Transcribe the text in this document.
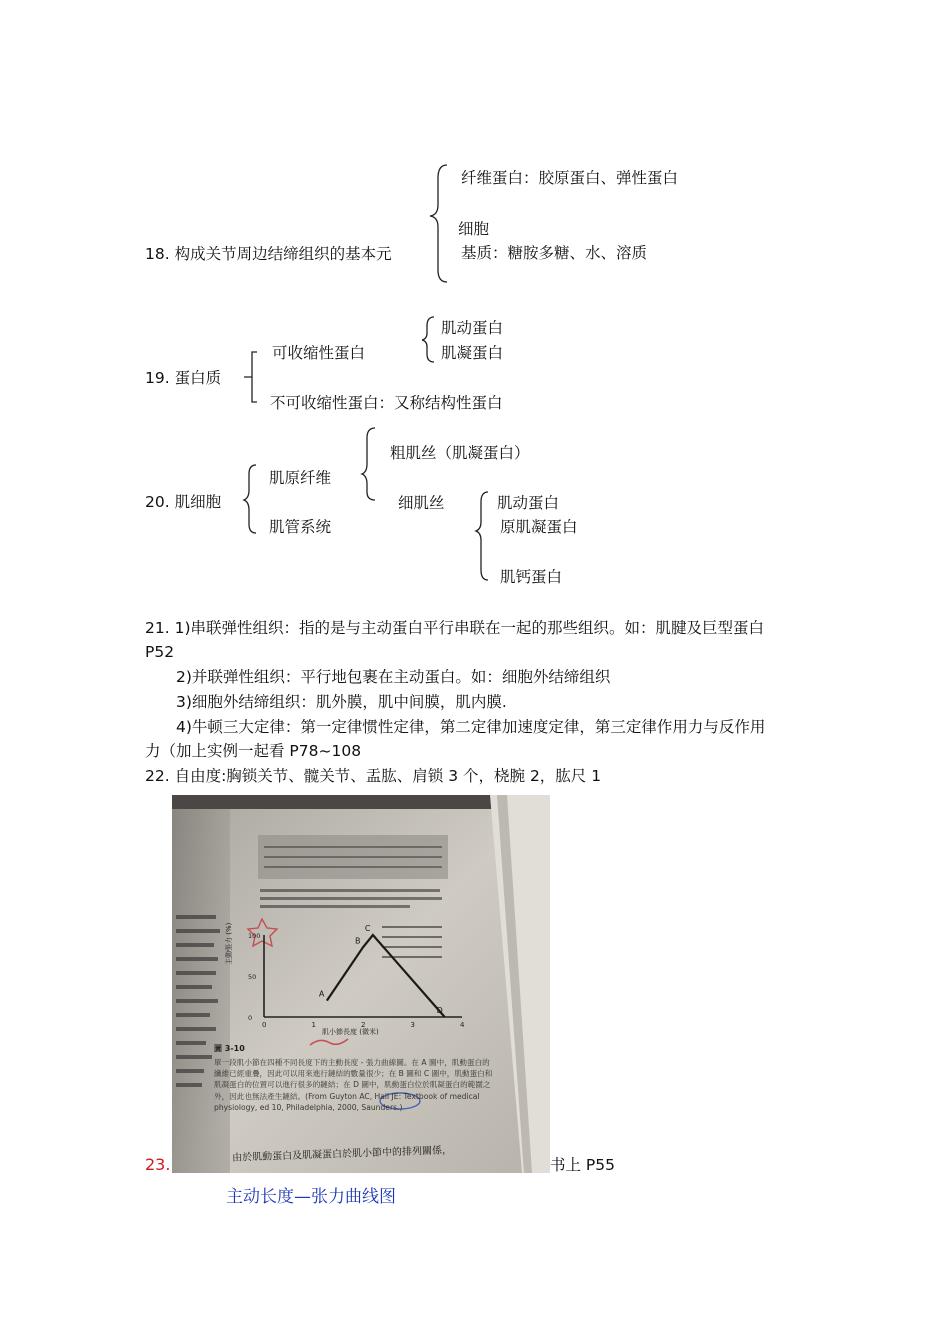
18. 构成关节周边结缔组织的基本元
纤维蛋白：胶原蛋白、弹性蛋白
细胞
基质：糖胺多糖、水、溶质
19. 蛋白质
可收缩性蛋白
肌动蛋白
肌凝蛋白
不可收缩性蛋白：又称结构性蛋白
20. 肌细胞
肌原纤维
肌管系统
粗肌丝（肌凝蛋白）
细肌丝	肌动蛋白
原肌凝蛋白
肌钙蛋白
21. 1)串联弹性组织：指的是与主动蛋白平行串联在一起的那些组织。如：肌腱及巨型蛋白
P52
2)并联弹性组织：平行地包裹在主动蛋白。如：细胞外结缔组织
3)细胞外结缔组织：肌外膜，肌中间膜，肌内膜.
4)牛顿三大定律：第一定律惯性定律，第二定律加速度定律，第三定律作用力与反作用
力（加上实例一起看 P78~108
22. 自由度:胸锁关节、髋关节、盂肱、肩锁 3 个，桡腕 2，肱尺 1
A
B
C
D
0	1	2	3	4
0
50
100
主動張力 (%)
肌小節長度 (微米)
圖 3-10
單一段肌小節在四種不同長度下的主動長度 - 張力曲線圖。在 A 圖中，肌動蛋白的纖維已經重疊，因此可以用來進行鏈結的數量很少；在 B 圖和 C 圖中，肌動蛋白和肌凝蛋白的位置可以進行很多的鏈結；在 D 圖中，肌動蛋白位於肌凝蛋白的範圍之外，因此也無法產生鏈結。(From Guyton AC, Hall JE: Textbook of medical physiology, ed 10, Philadelphia, 2000, Saunders.)
由於肌動蛋白及肌凝蛋白於肌小節中的排列關係，
23.	书上 P55
主动长度—张力曲线图
